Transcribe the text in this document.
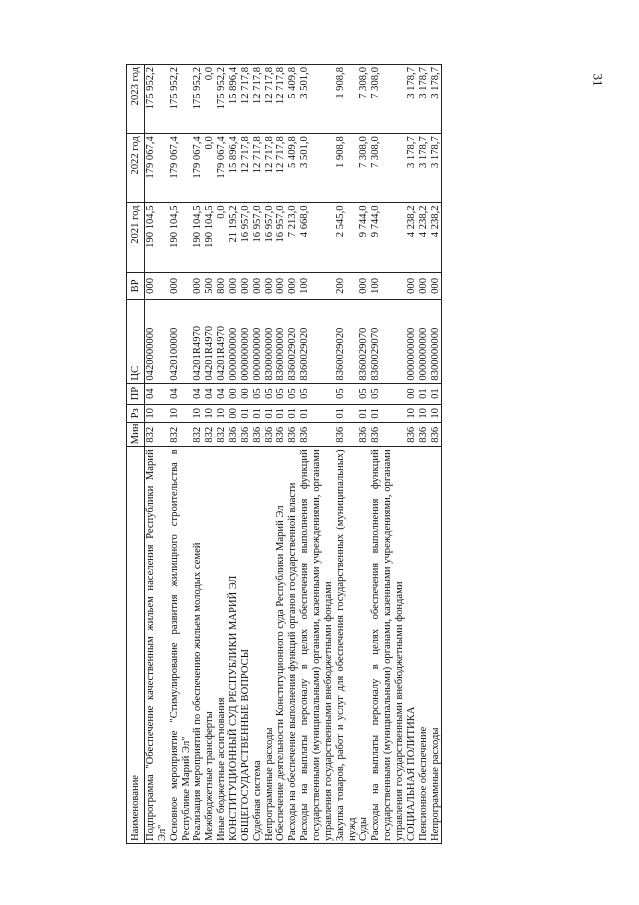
31
Наименование	Мин	Рз	ПР	ЦС	ВР	2021 год	2022 год	2023 год
Подпрограмма "Обеспечение качественным жильем населения Республики Марий Эл"	832	10	04	0420000000	000	190 104,5	179 067,4	175 952,2
Основное мероприятие "Стимулирование развития жилищного строительства в Республике Марий Эл"	832	10	04	0420100000	000	190 104,5	179 067,4	175 952,2
Реализация мероприятий по обеспечению жильем молодых семей	832	10	04	04201R4970	000	190 104,5	179 067,4	175 952,2
Межбюджетные трансферты	832	10	04	04201R4970	500	190 104,5	0,0	0,0
Иные бюджетные ассигнования	832	10	04	04201R4970	800	0,0	179 067,4	175 952,2
КОНСТИТУЦИОННЫЙ СУД РЕСПУБЛИКИ МАРИЙ ЭЛ	836	00	00	0000000000	000	21 195,2	15 896,4	15 896,4
ОБЩЕГОСУДАРСТВЕННЫЕ ВОПРОСЫ	836	01	00	0000000000	000	16 957,0	12 717,8	12 717,8
Судебная система	836	01	05	0000000000	000	16 957,0	12 717,8	12 717,8
Непрограммные расходы	836	01	05	8300000000	000	16 957,0	12 717,8	12 717,8
Обеспечение деятельности Конституционного суда Республики Марий Эл	836	01	05	8360000000	000	16 957,0	12 717,8	12 717,8
Расходы на обеспечение выполнения функций органов государственной власти	836	01	05	8360029020	000	7 213,0	5 409,8	5 409,8
Расходы на выплаты персоналу в целях обеспечения выполнения функций государственными (муниципальными) органами, казенными учреждениями, органами управления государственными внебюджетными фондами	836	01	05	8360029020	100	4 668,0	3 501,0	3 501,0
Закупка товаров, работ и услуг для обеспечения государственных (муниципальных) нужд	836	01	05	8360029020	200	2 545,0	1 908,8	1 908,8
Суды	836	01	05	8360029070	000	9 744,0	7 308,0	7 308,0
Расходы на выплаты персоналу в целях обеспечения выполнения функций государственными (муниципальными) органами, казенными учреждениями, органами управления государственными внебюджетными фондами	836	01	05	8360029070	100	9 744,0	7 308,0	7 308,0
СОЦИАЛЬНАЯ ПОЛИТИКА	836	10	00	0000000000	000	4 238,2	3 178,7	3 178,7
Пенсионное обеспечение	836	10	01	0000000000	000	4 238,2	3 178,7	3 178,7
Непрограммные расходы	836	10	01	8300000000	000	4 238,2	3 178,7	3 178,7
